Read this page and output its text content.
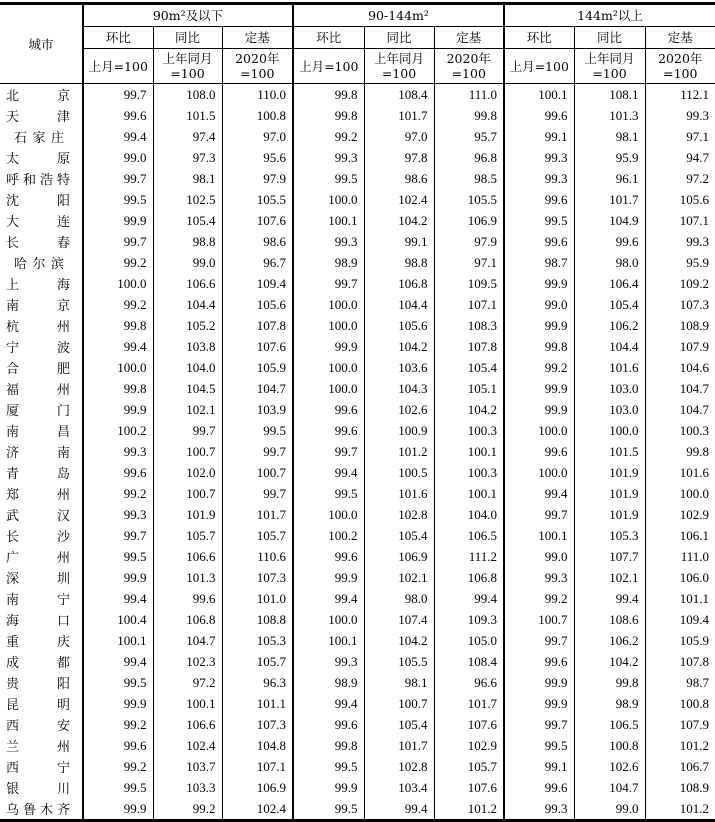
城市	90m²及以下			90-144m²			144m²以上		
	环比	同比	定基	环比	同比	定基	环比	同比	定基
	上月=100	上年同月=100	2020年=100	上月=100	上年同月=100	2020年=100	上月=100	上年同月=100	2020年=100
北京	99.7	108.0	110.0	99.8	108.4	111.0	100.1	108.1	112.1
天津	99.6	101.5	100.8	99.8	101.7	99.8	99.6	101.3	99.3
石家庄	99.4	97.4	97.0	99.2	97.0	95.7	99.1	98.1	97.1
太原	99.0	97.3	95.6	99.3	97.8	96.8	99.3	95.9	94.7
呼和浩特	99.7	98.1	97.9	99.5	98.6	98.5	99.3	96.1	97.2
沈阳	99.5	102.5	105.5	100.0	102.4	105.5	99.6	101.7	105.6
大连	99.9	105.4	107.6	100.1	104.2	106.9	99.5	104.9	107.1
长春	99.7	98.8	98.6	99.3	99.1	97.9	99.6	99.6	99.3
哈尔滨	99.2	99.0	96.7	98.9	98.8	97.1	98.7	98.0	95.9
上海	100.0	106.6	109.4	99.7	106.8	109.5	99.9	106.4	109.2
南京	99.2	104.4	105.6	100.0	104.4	107.1	99.0	105.4	107.3
杭州	99.8	105.2	107.8	100.0	105.6	108.3	99.9	106.2	108.9
宁波	99.4	103.8	107.6	99.9	104.2	107.8	99.8	104.4	107.9
合肥	100.0	104.0	105.9	100.0	103.6	105.4	99.2	101.6	104.6
福州	99.8	104.5	104.7	100.0	104.3	105.1	99.9	103.0	104.7
厦门	99.9	102.1	103.9	99.6	102.6	104.2	99.9	103.0	104.7
南昌	100.2	99.7	99.5	99.6	100.9	100.3	100.0	100.0	100.3
济南	99.3	100.7	99.7	99.7	101.2	100.1	99.6	101.5	99.8
青岛	99.6	102.0	100.7	99.4	100.5	100.3	100.0	101.9	101.6
郑州	99.2	100.7	99.7	99.5	101.6	100.1	99.4	101.9	100.0
武汉	99.3	101.9	101.7	100.0	102.8	104.0	99.7	101.9	102.9
长沙	99.7	105.7	105.7	100.2	105.4	106.5	100.1	105.3	106.1
广州	99.5	106.6	110.6	99.6	106.9	111.2	99.0	107.7	111.0
深圳	99.9	101.3	107.3	99.9	102.1	106.8	99.3	102.1	106.0
南宁	99.4	99.6	101.0	99.4	98.0	99.4	99.2	99.4	101.1
海口	100.4	106.8	108.8	100.0	107.4	109.3	100.7	108.6	109.4
重庆	100.1	104.7	105.3	100.1	104.2	105.0	99.7	106.2	105.9
成都	99.4	102.3	105.7	99.3	105.5	108.4	99.6	104.2	107.8
贵阳	99.5	97.2	96.3	98.9	98.1	96.6	99.9	99.8	98.7
昆明	99.9	100.1	101.1	99.4	100.7	101.7	99.9	98.9	100.8
西安	99.2	106.6	107.3	99.6	105.4	107.6	99.7	106.5	107.9
兰州	99.6	102.4	104.8	99.8	101.7	102.9	99.5	100.8	101.2
西宁	99.2	103.7	107.1	99.5	102.8	105.7	99.1	102.6	106.7
银川	99.5	103.3	106.9	99.9	103.4	107.6	99.6	104.7	108.9
乌鲁木齐	99.9	99.2	102.4	99.5	99.4	101.2	99.3	99.0	101.2
